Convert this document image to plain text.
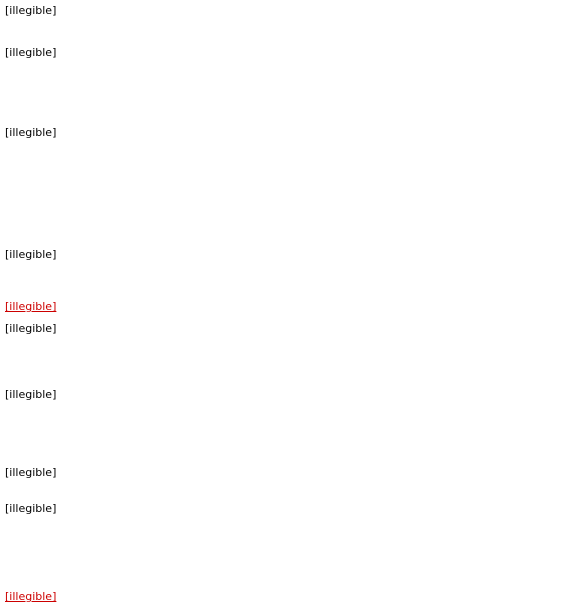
[illegible]
[illegible]
[illegible]
[illegible]
[illegible]
[illegible]
[illegible]
[illegible]
[illegible]
[illegible]
